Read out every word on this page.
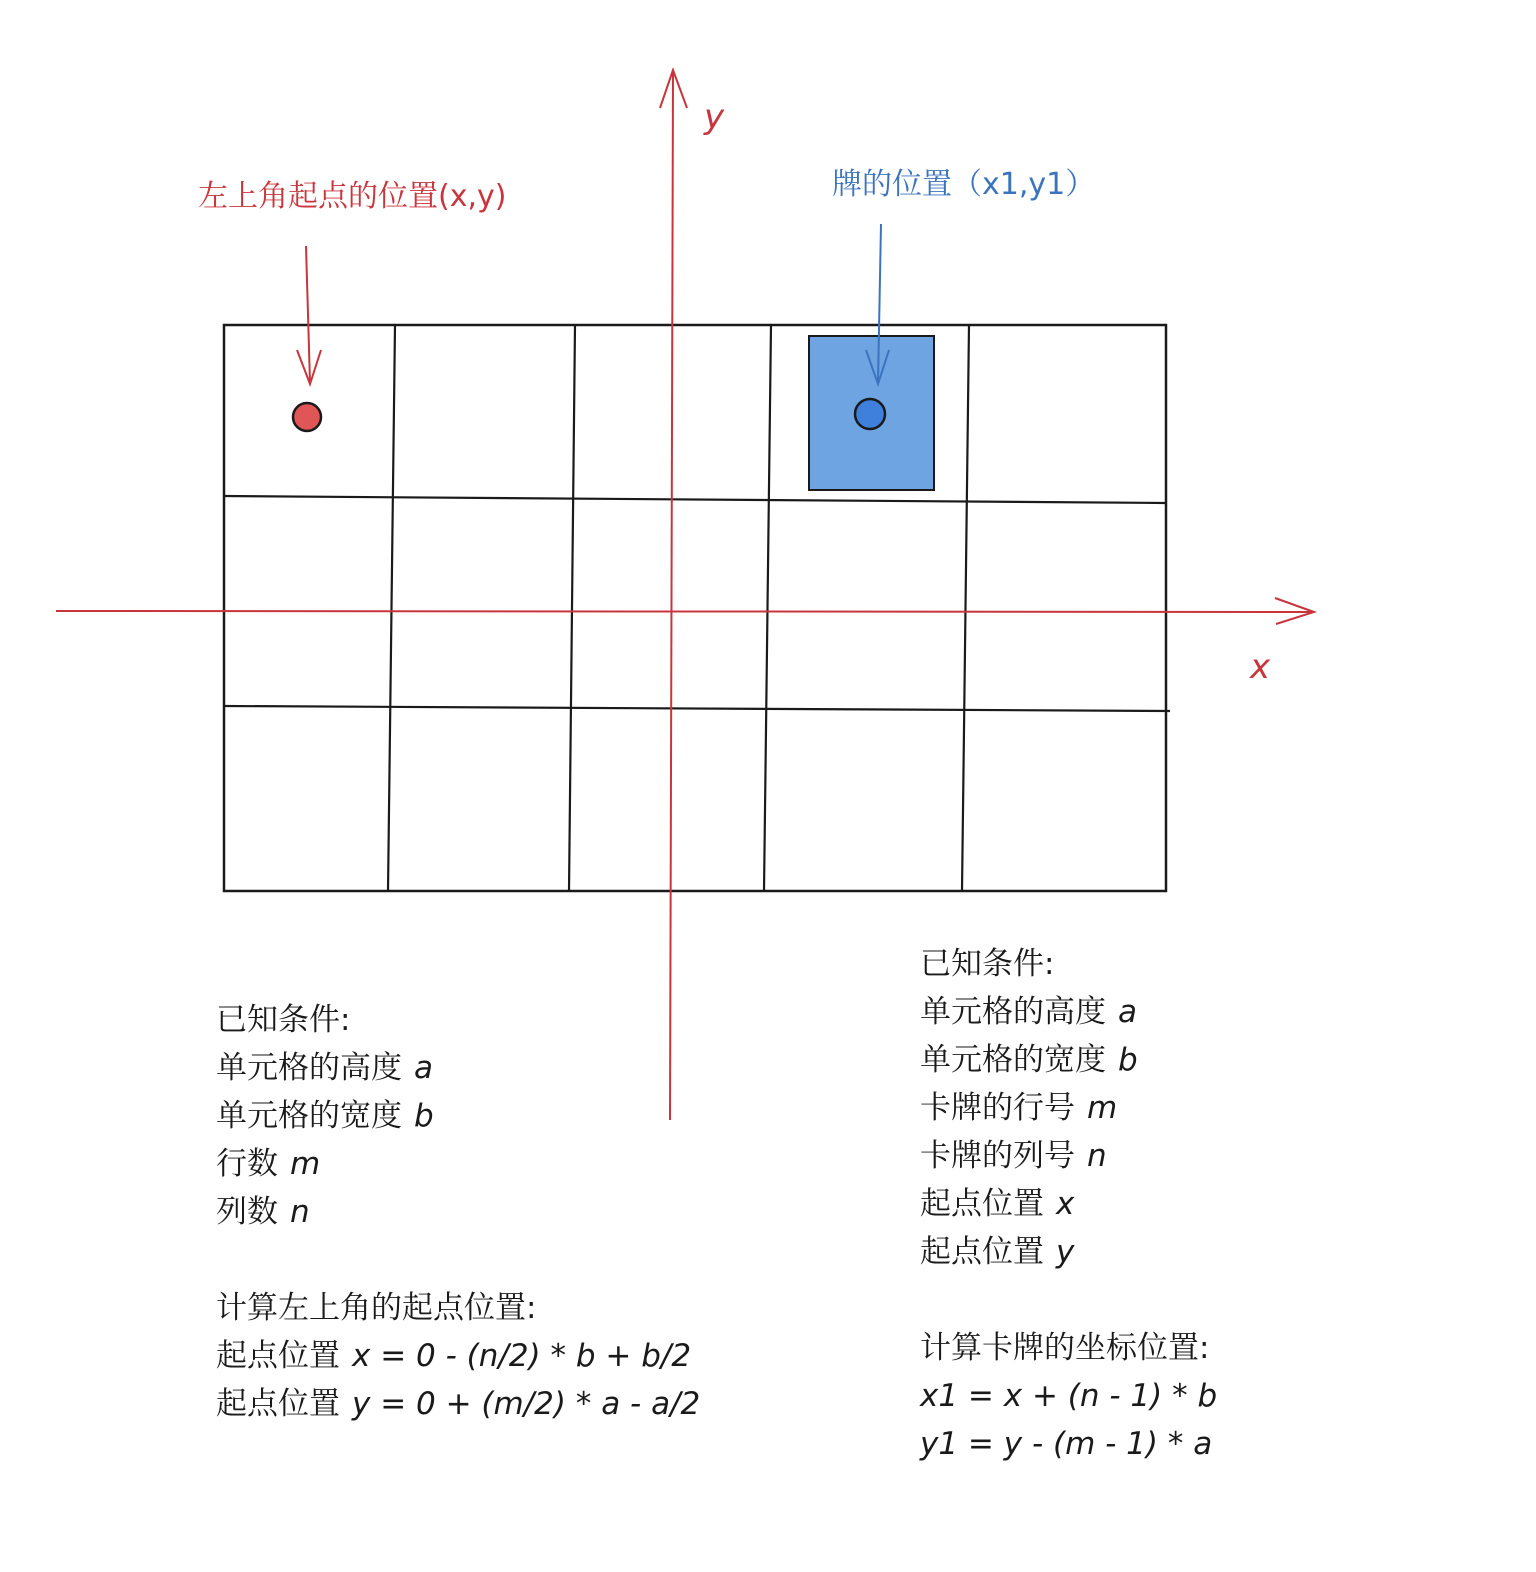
y
x
左上角起点的位置(x,y)	牌的位置（x1,y1）
已知条件:
单元格的高度 a
单元格的宽度 b
行数 m
列数 n
计算左上角的起点位置:
起点位置 x = 0 - (n/2) * b + b/2
起点位置 y = 0 + (m/2) * a - a/2
已知条件:
单元格的高度 a
单元格的宽度 b
卡牌的行号 m
卡牌的列号 n
起点位置 x
起点位置 y
计算卡牌的坐标位置:
x1 = x + (n - 1) * b
y1 = y - (m - 1) * a
